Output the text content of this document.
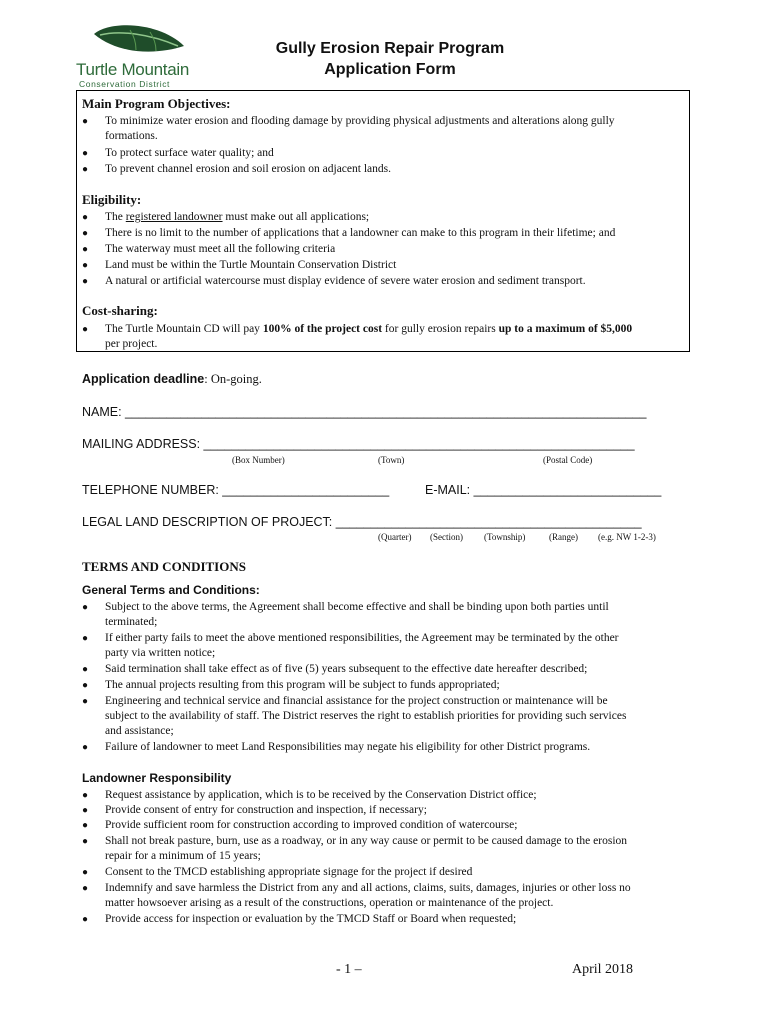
Turtle Mountain
Conservation District
Gully Erosion Repair Program
Application Form
Main Program Objectives:
● To minimize water erosion and flooding damage by providing physical adjustments and alterations along gully
formations.
● To protect surface water quality; and
● To prevent channel erosion and soil erosion on adjacent lands.
Eligibility:
● The registered landowner must make out all applications;
● There is no limit to the number of applications that a landowner can make to this program in their lifetime; and
● The waterway must meet all the following criteria
● Land must be within the Turtle Mountain Conservation District
● A natural or artificial watercourse must display evidence of severe water erosion and sediment transport.
Cost-sharing:
● The Turtle Mountain CD will pay 100% of the project cost for gully erosion repairs up to a maximum of $5,000
per project.
Application deadline: On-going.
NAME: ___________________________________________________________________________
MAILING ADDRESS: ______________________________________________________________
(Box Number)	(Town)	(Postal Code)
TELEPHONE NUMBER: ________________________	E-MAIL: ___________________________
LEGAL LAND DESCRIPTION OF PROJECT: ____________________________________________
(Quarter) (Section) (Township)	(Range) (e.g. NW 1-2-3)
TERMS AND CONDITIONS
General Terms and Conditions:
● Subject to the above terms, the Agreement shall become effective and shall be binding upon both parties until
terminated;
● If either party fails to meet the above mentioned responsibilities, the Agreement may be terminated by the other
party via written notice;
● Said termination shall take effect as of five (5) years subsequent to the effective date hereafter described;
● The annual projects resulting from this program will be subject to funds appropriated;
● Engineering and technical service and financial assistance for the project construction or maintenance will be
subject to the availability of staff. The District reserves the right to establish priorities for providing such services
and assistance;
● Failure of landowner to meet Land Responsibilities may negate his eligibility for other District programs.
Landowner Responsibility
● Request assistance by application, which is to be received by the Conservation District office;
● Provide consent of entry for construction and inspection, if necessary;
● Provide sufficient room for construction according to improved condition of watercourse;
● Shall not break pasture, burn, use as a roadway, or in any way cause or permit to be caused damage to the erosion
repair for a minimum of 15 years;
● Consent to the TMCD establishing appropriate signage for the project if desired
● Indemnify and save harmless the District from any and all actions, claims, suits, damages, injuries or other loss no
matter howsoever arising as a result of the constructions, operation or maintenance of the project.
● Provide access for inspection or evaluation by the TMCD Staff or Board when requested;
- 1 –	April 2018
